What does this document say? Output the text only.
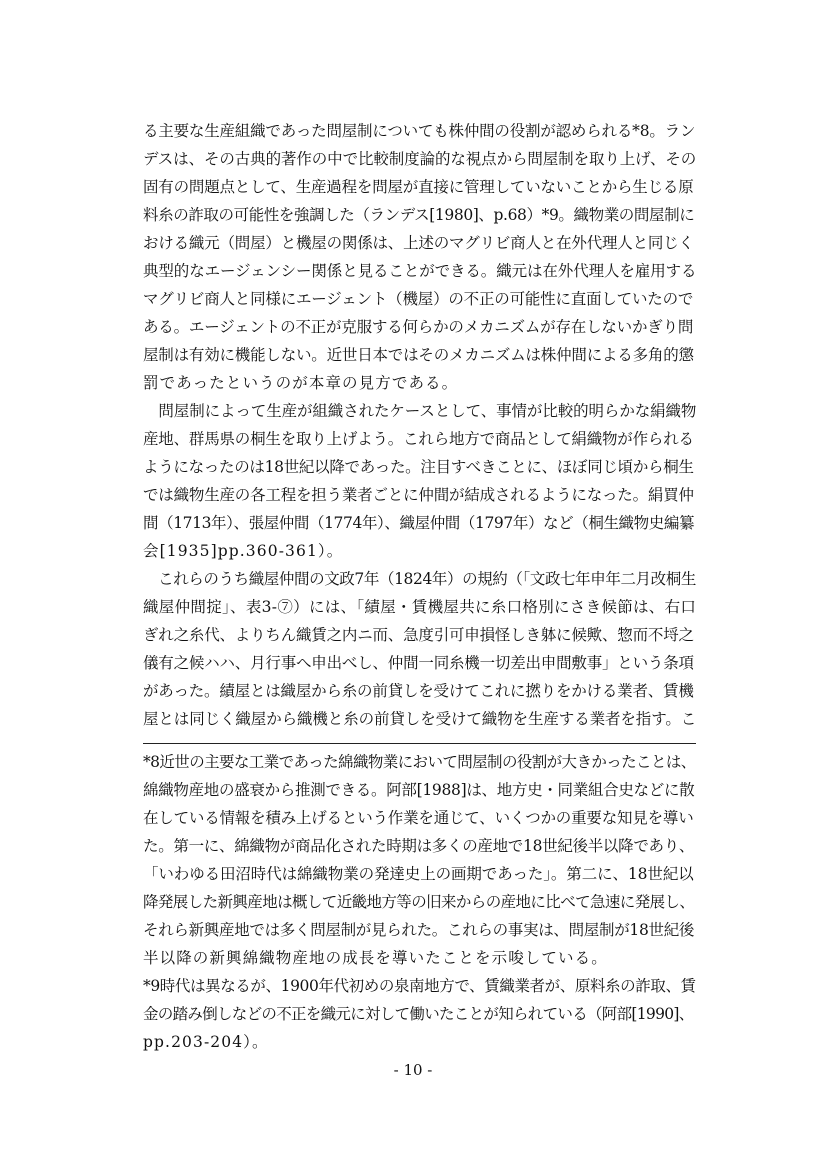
る主要な生産組織であった問屋制についても株仲間の役割が認められる*8。ラン
デスは、その古典的著作の中で比較制度論的な視点から問屋制を取り上げ、その
固有の問題点として、生産過程を問屋が直接に管理していないことから生じる原
料糸の詐取の可能性を強調した（ランデス[1980]、p.68）*9。織物業の問屋制に
おける織元（問屋）と機屋の関係は、上述のマグリビ商人と在外代理人と同じく
典型的なエージェンシー関係と見ることができる。織元は在外代理人を雇用する
マグリビ商人と同様にエージェント（機屋）の不正の可能性に直面していたので
ある。エージェントの不正が克服する何らかのメカニズムが存在しないかぎり問
屋制は有効に機能しない。近世日本ではそのメカニズムは株仲間による多角的懲
罰であったというのが本章の見方である。
　問屋制によって生産が組織されたケースとして、事情が比較的明らかな絹織物
産地、群馬県の桐生を取り上げよう。これら地方で商品として絹織物が作られる
ようになったのは18世紀以降であった。注目すべきことに、ほぼ同じ頃から桐生
では織物生産の各工程を担う業者ごとに仲間が結成されるようになった。絹買仲
間（1713年）、張屋仲間（1774年）、織屋仲間（1797年）など（桐生織物史編纂
会[1935]pp.360-361）。
　これらのうち織屋仲間の文政7年（1824年）の規約（「文政七年申年二月改桐生
織屋仲間掟」、表3-⑦）には、「績屋・賃機屋共に糸口格別にさき候節は、右口
ぎれ之糸代、よりちん織賃之内ニ而、急度引可申損怪しき躰に候歟、惣而不埒之
儀有之候ハハ、月行事へ申出べし、仲間一同糸機一切差出申間敷事」という条項
があった。績屋とは織屋から糸の前貸しを受けてこれに撚りをかける業者、賃機
屋とは同じく織屋から織機と糸の前貸しを受けて織物を生産する業者を指す。こ
*8近世の主要な工業であった綿織物業において問屋制の役割が大きかったことは、
綿織物産地の盛衰から推測できる。阿部[1988]は、地方史・同業組合史などに散
在している情報を積み上げるという作業を通じて、いくつかの重要な知見を導い
た。第一に、綿織物が商品化された時期は多くの産地で18世紀後半以降であり、
「いわゆる田沼時代は綿織物業の発達史上の画期であった」。第二に、18世紀以
降発展した新興産地は概して近畿地方等の旧来からの産地に比べて急速に発展し、
それら新興産地では多く問屋制が見られた。これらの事実は、問屋制が18世紀後
半以降の新興綿織物産地の成長を導いたことを示唆している。
*9時代は異なるが、1900年代初めの泉南地方で、賃織業者が、原料糸の詐取、賃
金の踏み倒しなどの不正を織元に対して働いたことが知られている（阿部[1990]、
pp.203-204）。
- 10 -
